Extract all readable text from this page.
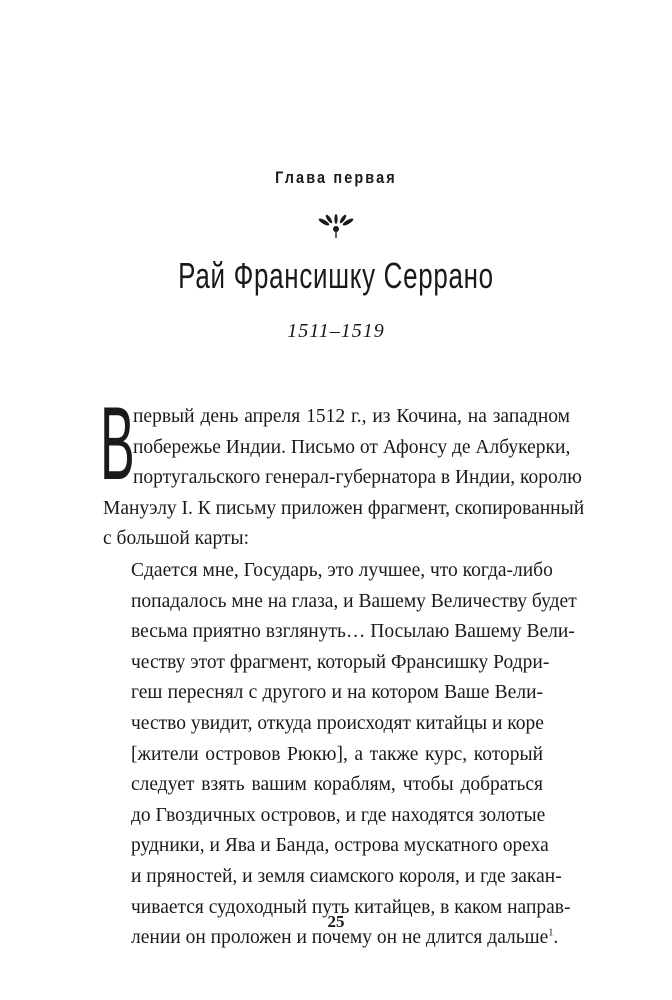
Глава первая
Рай Франсишку Серрано
1511–1519
В
первый день апреля 1512 г., из Кочина, на западном
побережье Индии. Письмо от Афонсу де Албукерки,
португальского генерал-губернатора в Индии, королю
Мануэлу I. К письму приложен фрагмент, скопированный
с большой карты:
Сдается мне, Государь, это лучшее, что когда-либо
попадалось мне на глаза, и Вашему Величеству будет
весьма приятно взглянуть… Посылаю Вашему Вели-
честву этот фрагмент, который Франсишку Родри-
геш переснял с другого и на котором Ваше Вели-
чество увидит, откуда происходят китайцы и коре
[жители островов Рюкю], а также курс, который
следует взять вашим кораблям, чтобы добраться
до Гвоздичных островов, и где находятся золотые
рудники, и Ява и Банда, острова мускатного ореха
и пряностей, и земля сиамского короля, и где закан-
чивается судоходный путь китайцев, в каком направ-
лении он проложен и почему он не длится дальше$^1$.
25
